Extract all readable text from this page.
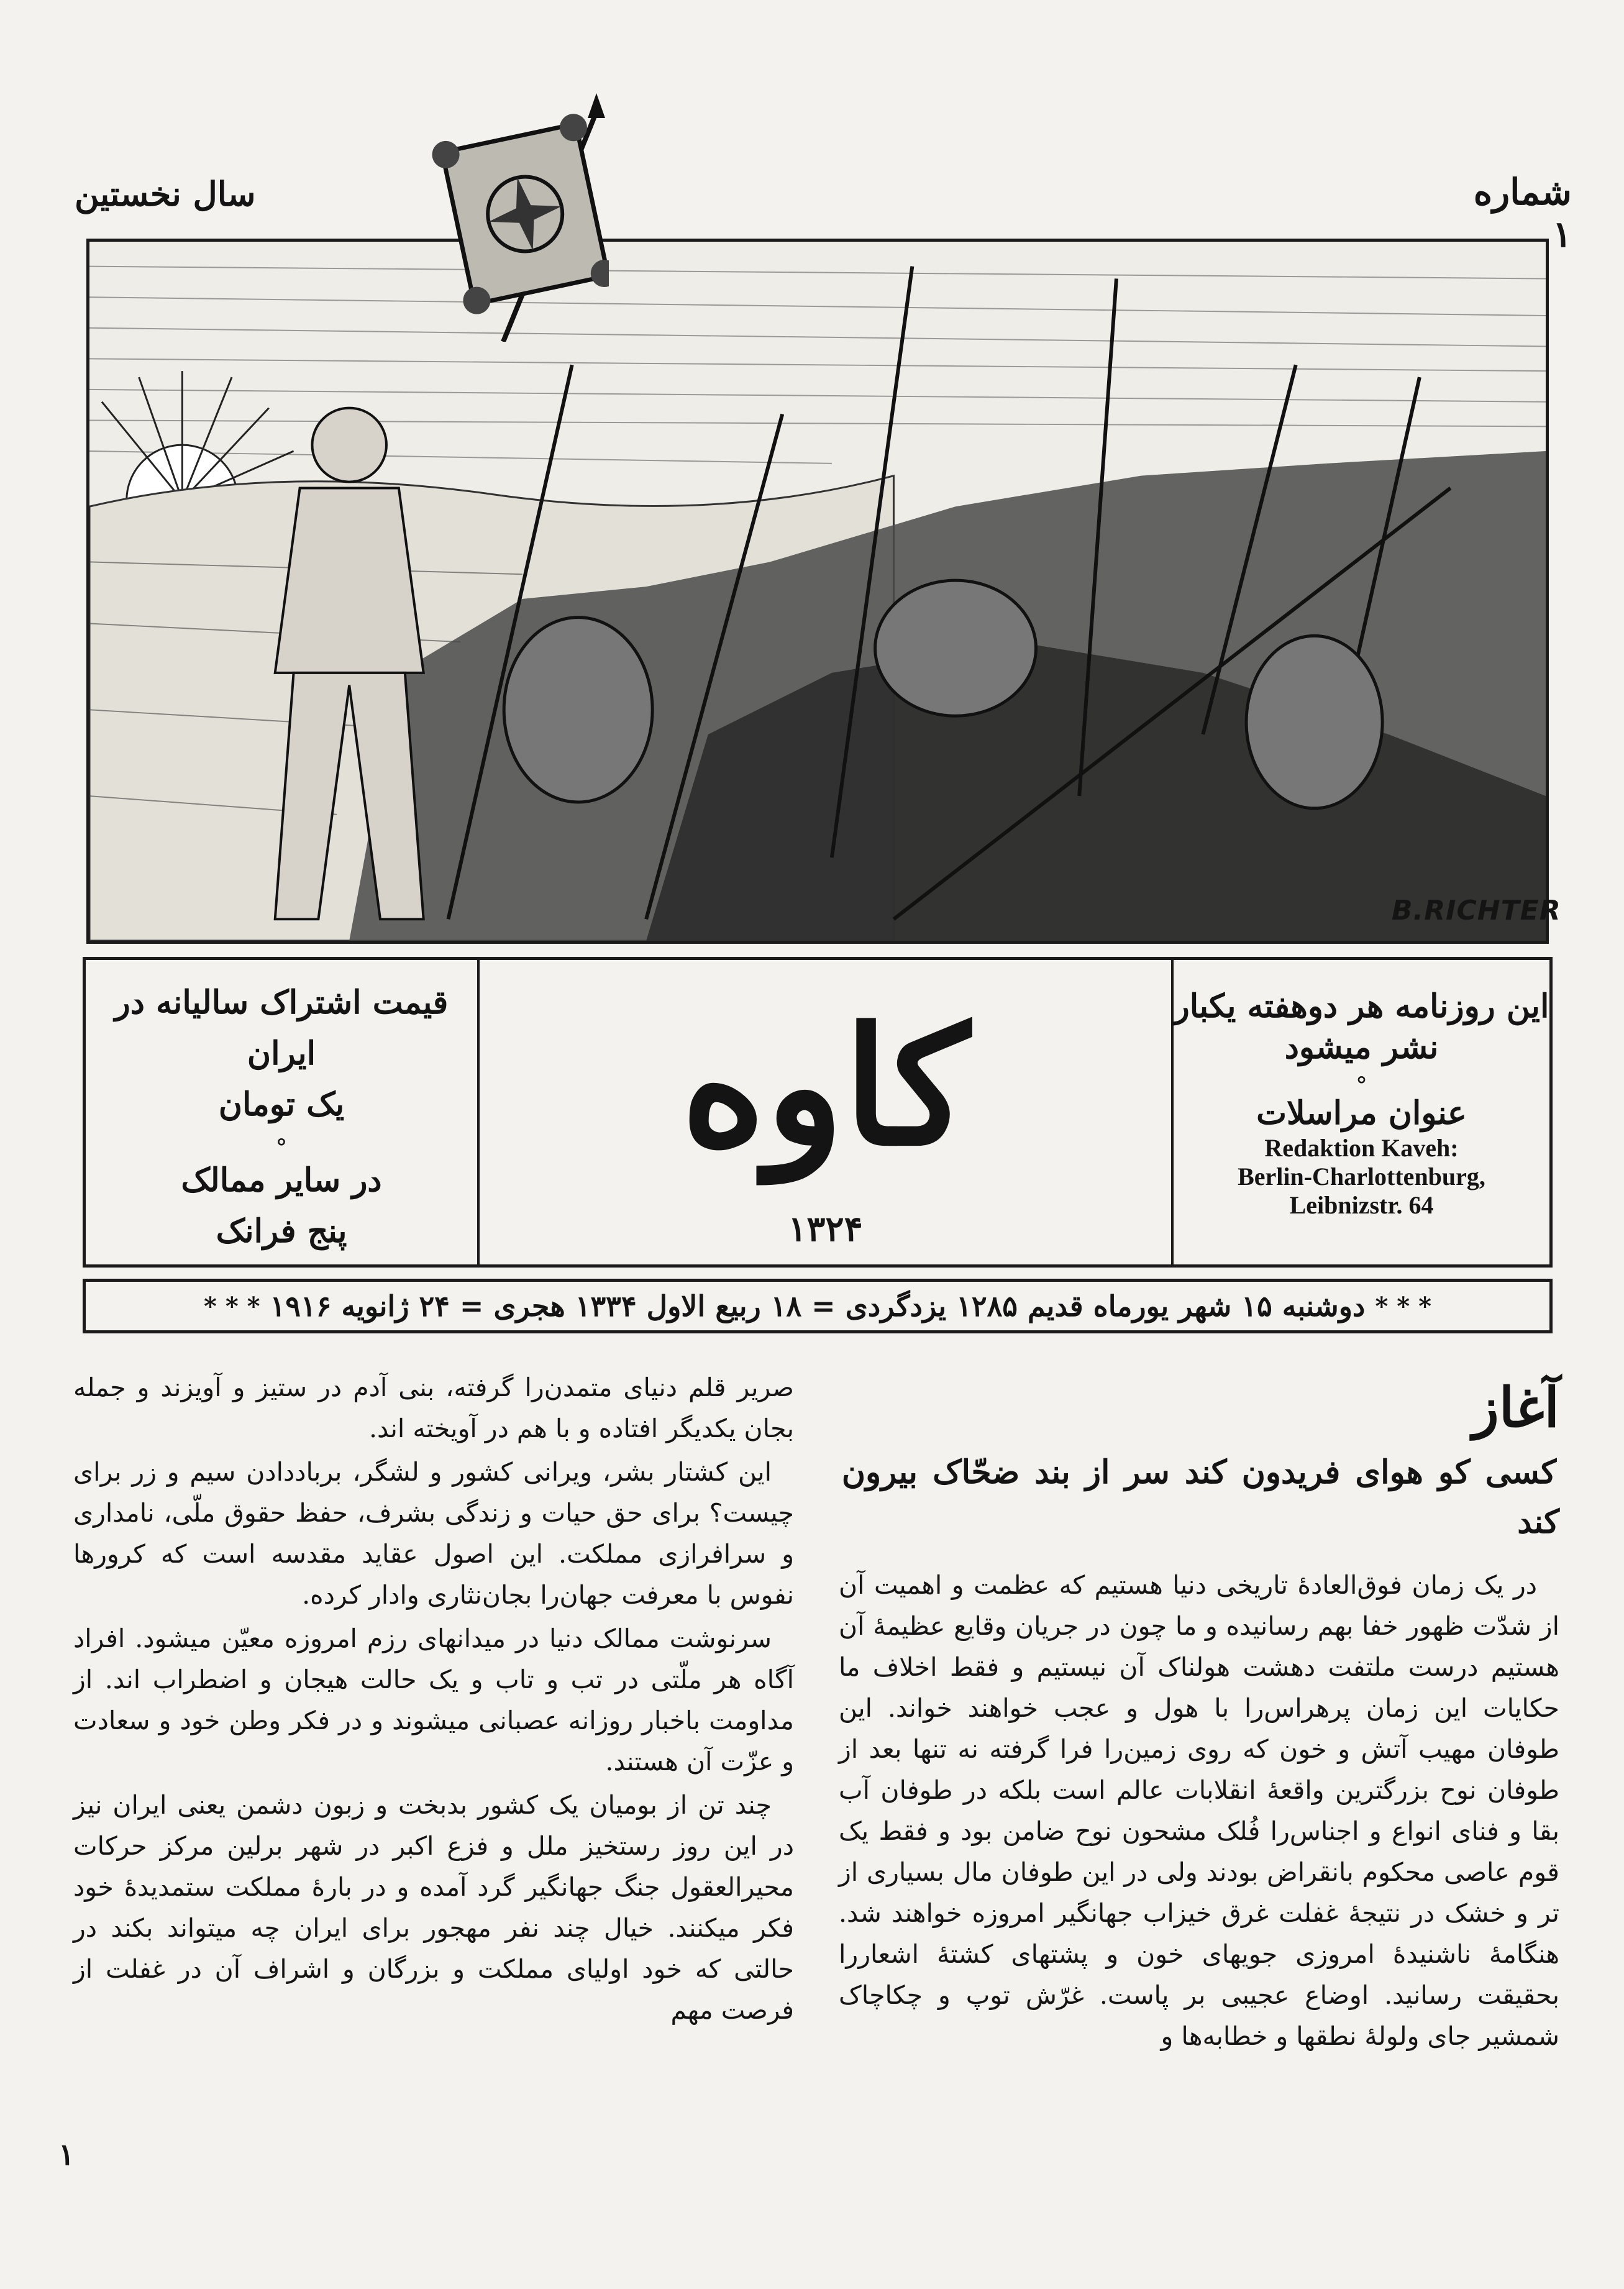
شماره ۱
سال نخستین
B.RICHTER
این روزنامه هر دوهفته یکبار
نشر میشود
⚬
عنوان مراسلات
Redaktion Kaveh:
Berlin-Charlottenburg,
Leibnizstr. 64
کاوه
۱۳۲۴
قیمت اشتراک سالیانه در ایران
یک تومان
⚬
در سایر ممالک
پنج فرانک
* * * دوشنبه ۱۵ شهر یورماه قدیم ۱۲۸۵ یزدگردی = ۱۸ ربیع الاول ۱۳۳۴ هجری = ۲۴ ژانویه ۱۹۱۶ * * *
آغاز
کسی کو هوای فریدون کند سر از بند ضحّاک بیرون کند

در یک زمان فوق‌العادهٔ تاریخی دنیا هستیم که عظمت و اهمیت آن از شدّت ظهور خفا بهم رسانیده و ما چون در جریان وقایع عظیمهٔ آن هستیم درست ملتفت دهشت هولناک آن نیستیم و فقط اخلاف ما حکایات این زمان پرهراس‌را با هول و عجب خواهند خواند. این طوفان مهیب آتش و خون که روی زمین‌را فرا گرفته نه تنها بعد از طوفان نوح بزرگترین واقعهٔ انقلابات عالم است بلکه در طوفان آب بقا و فنای انواع و اجناس‌را فُلک مشحون نوح ضامن بود و فقط یک قوم عاصی محکوم بانقراض بودند ولی در این طوفان مال بسیاری از تر و خشک در نتیجهٔ غفلت غرق خیزاب جهانگیر امروزه خواهند شد. هنگامهٔ ناشنیدهٔ امروزی جویهای خون و پشتهای کشتهٔ اشعاررا بحقیقت رسانید. اوضاع عجیبی بر پاست. غرّش توپ و چکاچاک شمشیر جای ولولهٔ نطقها و خطابه‌ها و

صریر قلم دنیای متمدن‌را گرفته، بنی آدم در ستیز و آویزند و جمله بجان یکدیگر افتاده و با هم در آویخته اند.

این کشتار بشر، ویرانی کشور و لشگر، برباددادن سیم و زر برای چیست؟ برای حق حیات و زندگی بشرف، حفظ حقوق ملّی، نامداری و سرافرازی مملکت. این اصول عقاید مقدسه است که کرورها نفوس با معرفت جهان‌را بجان‌نثاری وادار کرده.

سرنوشت ممالک دنیا در میدانهای رزم امروزه معیّن میشود. افراد آگاه هر ملّتی در تب و تاب و یک حالت هیجان و اضطراب اند. از مداومت باخبار روزانه عصبانی میشوند و در فکر وطن خود و سعادت و عزّت آن هستند.

چند تن از بومیان یک کشور بدبخت و زبون دشمن یعنی ایران نیز در این روز رستخیز ملل و فزع اکبر در شهر برلین مرکز حرکات محیرالعقول جنگ جهانگیر گرد آمده و در بارهٔ مملکت ستمدیدهٔ خود فکر میکنند. خیال چند نفر مهجور برای ایران چه میتواند بکند در حالتی که خود اولیای مملکت و بزرگان و اشراف آن در غفلت از فرصت مهم

۱
